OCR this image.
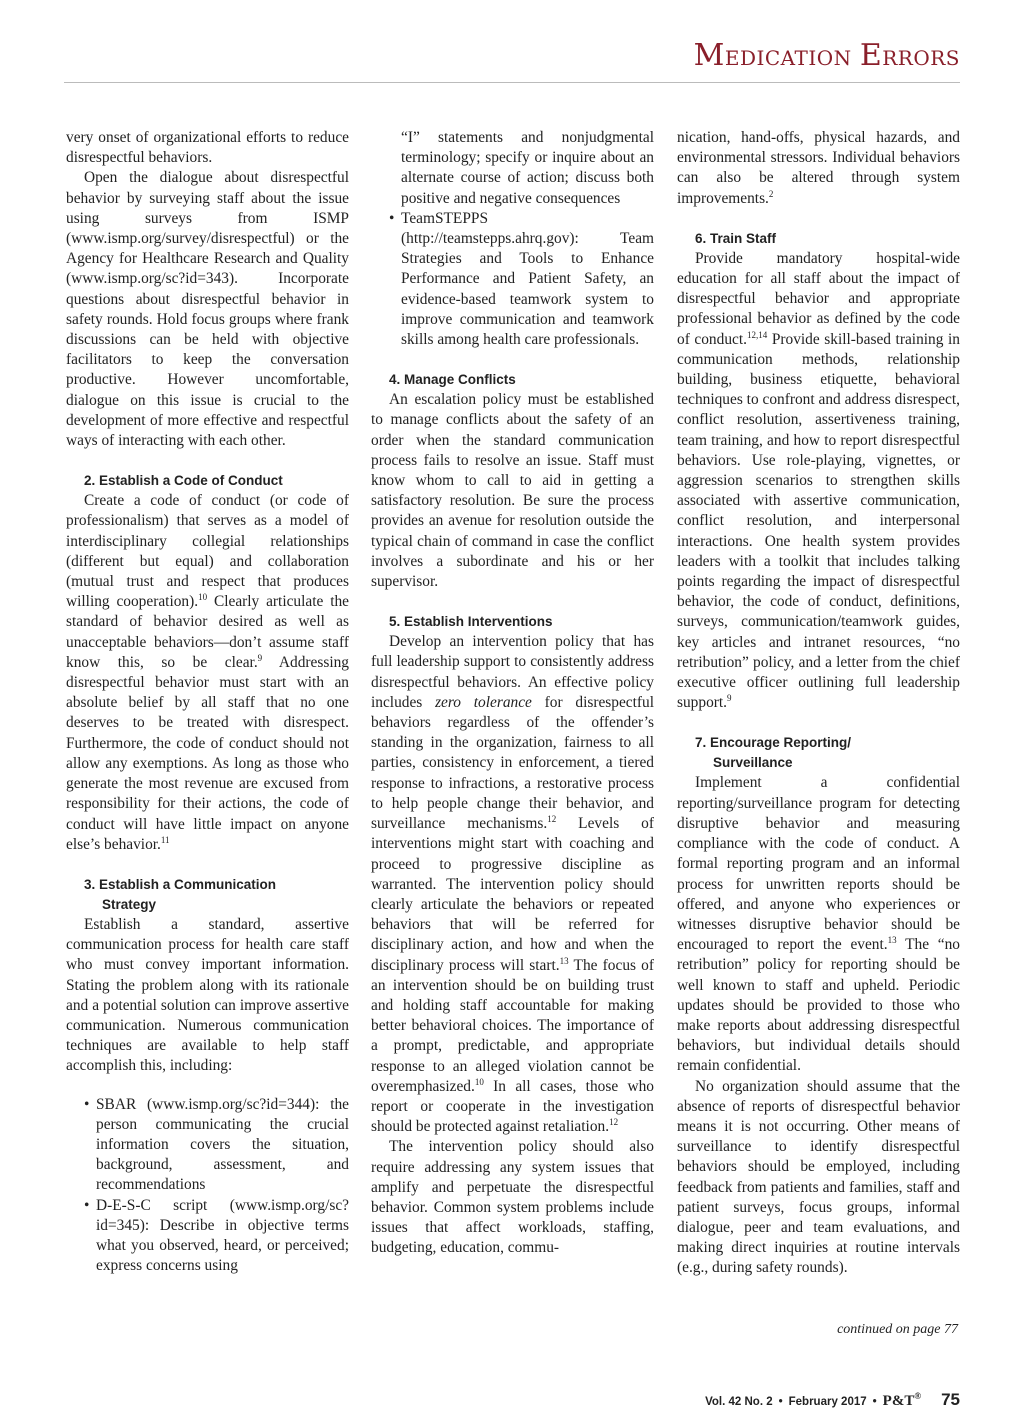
MEDICATION ERRORS

very onset of organizational efforts to reduce disrespectful behaviors.

Open the dialogue about disrespectful behavior by surveying staff about the issue using surveys from ISMP (www.ismp.org/survey/disrespectful) or the Agency for Healthcare Research and Quality (www.ismp.org/sc?id=343). Incorporate questions about disrespectful behavior in safety rounds. Hold focus groups where frank discussions can be held with objective facilitators to keep the conversation productive. However uncomfortable, dialogue on this issue is crucial to the development of more effective and respectful ways of interacting with each other.

2. Establish a Code of Conduct

Create a code of conduct (or code of professionalism) that serves as a model of interdisciplinary collegial relationships (different but equal) and collaboration (mutual trust and respect that produces willing cooperation).$^{10}$ Clearly articulate the standard of behavior desired as well as unacceptable behaviors—don’t assume staff know this, so be clear.$^9$ Addressing disrespectful behavior must start with an absolute belief by all staff that no one deserves to be treated with disrespect. Furthermore, the code of conduct should not allow any exemptions. As long as those who generate the most revenue are excused from responsibility for their actions, the code of conduct will have little impact on anyone else’s behavior.$^{11}$

3. Establish a Communication
Strategy

Establish a standard, assertive communication process for health care staff who must convey important information. Stating the problem along with its rationale and a potential solution can improve assertive communication. Numerous communication techniques are available to help staff accomplish this, including:

• SBAR (www.ismp.org/sc?id=344): the person communicating the crucial information covers the situation, background, assessment, and recommendations
• D-E-S-C script (www.ismp.org/sc?id=345): Describe in objective terms what you observed, heard, or perceived; express concerns using
“I” statements and nonjudgmental terminology; specify or inquire about an alternate course of action; discuss both positive and negative consequences
• TeamSTEPPS (http://teamstepps.ahrq.gov): Team Strategies and Tools to Enhance Performance and Patient Safety, an evidence-based teamwork system to improve communication and teamwork skills among health care professionals.
4. Manage Conflicts

An escalation policy must be established to manage conflicts about the safety of an order when the standard communication process fails to resolve an issue. Staff must know whom to call to aid in getting a satisfactory resolution. Be sure the process provides an avenue for resolution outside the typical chain of command in case the conflict involves a subordinate and his or her supervisor.

5. Establish Interventions

Develop an intervention policy that has full leadership support to consistently address disrespectful behaviors. An effective policy includes zero tolerance for disrespectful behaviors regardless of the offender’s standing in the organization, fairness to all parties, consistency in enforcement, a tiered response to infractions, a restorative process to help people change their behavior, and surveillance mechanisms.$^{12}$ Levels of interventions might start with coaching and proceed to progressive discipline as warranted. The intervention policy should clearly articulate the behaviors or repeated behaviors that will be referred for disciplinary action, and how and when the disciplinary process will start.$^{13}$ The focus of an intervention should be on building trust and holding staff accountable for making better behavioral choices. The importance of a prompt, predictable, and appropriate response to an alleged violation cannot be overemphasized.$^{10}$ In all cases, those who report or cooperate in the investigation should be protected against retaliation.$^{12}$

The intervention policy should also require addressing any system issues that amplify and perpetuate the disrespectful behavior. Common system problems include issues that affect workloads, staffing, budgeting, education, commu-

nication, hand-offs, physical hazards, and environmental stressors. Individual behaviors can also be altered through system improvements.$^2$

6. Train Staff

Provide mandatory hospital-wide education for all staff about the impact of disrespectful behavior and appropriate professional behavior as defined by the code of conduct.$^{12,14}$ Provide skill-based training in communication methods, relationship building, business etiquette, behavioral techniques to confront and address disrespect, conflict resolution, assertiveness training, team training, and how to report disrespectful behaviors. Use role-playing, vignettes, or aggression scenarios to strengthen skills associated with assertive communication, conflict resolution, and interpersonal interactions. One health system provides leaders with a toolkit that includes talking points regarding the impact of disrespectful behavior, the code of conduct, definitions, surveys, communication/teamwork guides, key articles and intranet resources, “no retribution” policy, and a letter from the chief executive officer outlining full leadership support.$^9$

7. Encourage Reporting/
Surveillance

Implement a confidential reporting/surveillance program for detecting disruptive behavior and measuring compliance with the code of conduct. A formal reporting program and an informal process for unwritten reports should be offered, and anyone who experiences or witnesses disruptive behavior should be encouraged to report the event.$^{13}$ The “no retribution” policy for reporting should be well known to staff and upheld. Periodic updates should be provided to those who make reports about addressing disrespectful behaviors, but individual details should remain confidential.

No organization should assume that the absence of reports of disrespectful behavior means it is not occurring. Other means of surveillance to identify disrespectful behaviors should be employed, including feedback from patients and families, staff and patient surveys, focus groups, informal dialogue, peer and team evaluations, and making direct inquiries at routine intervals (e.g., during safety rounds).

continued on page 77
Vol. 42 No. 2 • February 2017 • P&T® 75
